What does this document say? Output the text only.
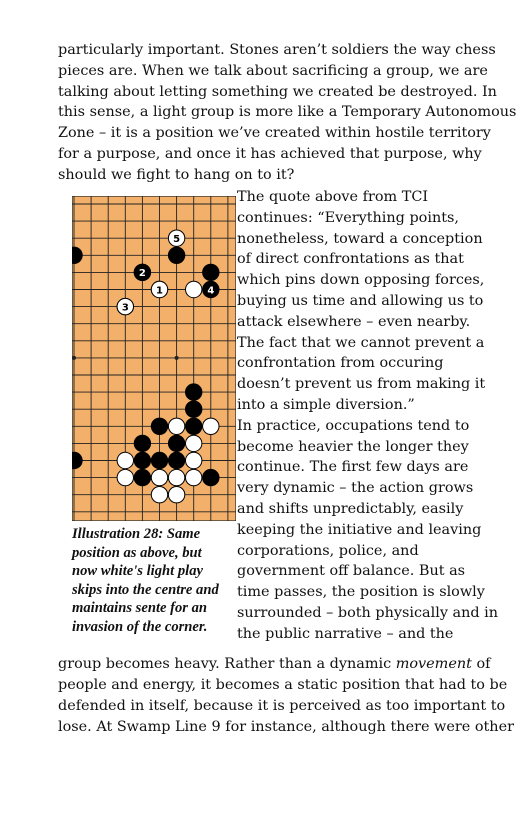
particularly important. Stones aren’t soldiers the way chess
pieces are. When we talk about sacrificing a group, we are
talking about letting something we created be destroyed. In
this sense, a light group is more like a Temporary Autonomous
Zone – it is a position we’ve created within hostile territory
for a purpose, and once it has achieved that purpose, why
should we fight to hang on to it?
5
2
1	4
3
The quote above from TCI
continues: “Everything points,
nonetheless, toward a conception
of direct confrontations as that
which pins down opposing forces,
buying us time and allowing us to
attack elsewhere – even nearby.
The fact that we cannot prevent a
confrontation from occuring
doesn’t prevent us from making it
into a simple diversion.”
In practice, occupations tend to
become heavier the longer they
continue. The first few days are
very dynamic – the action grows
and shifts unpredictably, easily
keeping the initiative and leaving
corporations, police, and
government off balance. But as
time passes, the position is slowly
surrounded – both physically and in
the public narrative – and the
Illustration 28: Same
position as above, but
now white's light play
skips into the centre and
maintains sente for an
invasion of the corner.
group becomes heavy. Rather than a dynamic movement of
people and energy, it becomes a static position that had to be
defended in itself, because it is perceived as too important to
lose. At Swamp Line 9 for instance, although there were other
